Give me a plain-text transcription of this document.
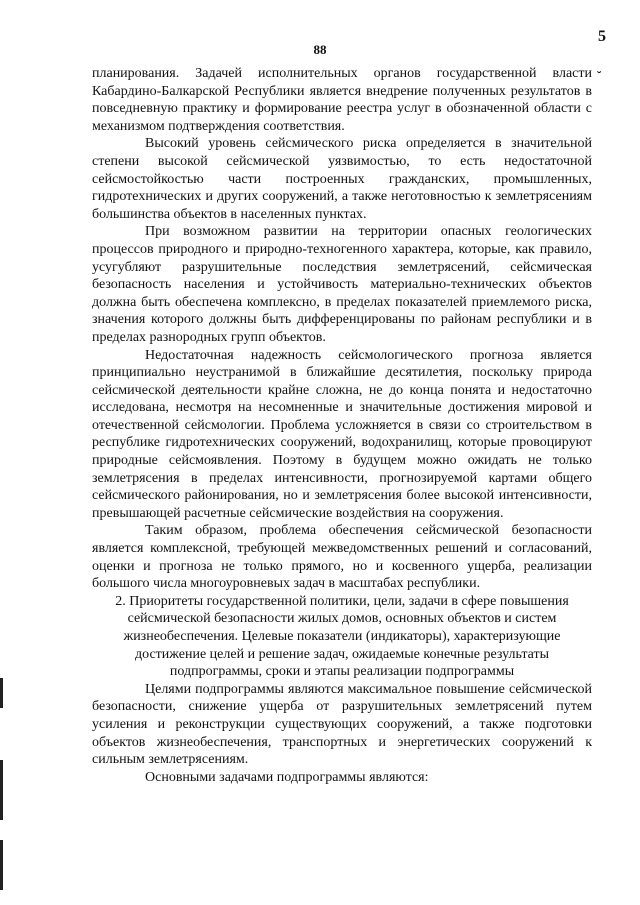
88
5
˘

планирования. Задачей исполнительных органов государственной власти Кабардино-Балкарской Республики является внедрение полученных результатов в повседневную практику и формирование реестра услуг в обозначенной области с механизмом подтверждения соответствия.

Высокий уровень сейсмического риска определяется в значительной степени высокой сейсмической уязвимостью, то есть недостаточной сейсмостойкостью части построенных гражданских, промышленных, гидротехнических и других сооружений, а также неготовностью к землетрясениям большинства объектов в населенных пунктах.

При возможном развитии на территории опасных геологических процессов природного и природно-техногенного характера, которые, как правило, усугубляют разрушительные последствия землетрясений, сейсмическая безопасность населения и устойчивость материально-технических объектов должна быть обеспечена комплексно, в пределах показателей приемлемого риска, значения которого должны быть дифференцированы по районам республики и в пределах разнородных групп объектов.

Недостаточная надежность сейсмологического прогноза является принципиально неустранимой в ближайшие десятилетия, поскольку природа сейсмической деятельности крайне сложна, не до конца понята и недостаточно исследована, несмотря на несомненные и значительные достижения мировой и отечественной сейсмологии. Проблема усложняется в связи со строительством в республике гидротехнических сооружений, водохранилищ, которые провоцируют природные сейсмоявления. Поэтому в будущем можно ожидать не только землетрясения в пределах интенсивности, прогнозируемой картами общего сейсмического районирования, но и землетрясения более высокой интенсивности, превышающей расчетные сейсмические воздействия на сооружения.

Таким образом, проблема обеспечения сейсмической безопасности является комплексной, требующей межведомственных решений и согласований, оценки и прогноза не только прямого, но и косвенного ущерба, реализации большого числа многоуровневых задач в масштабах республики.

2. Приоритеты государственной политики, цели, задачи в сфере повышения сейсмической безопасности жилых домов, основных объектов и систем жизнеобеспечения. Целевые показатели (индикаторы), характеризующие достижение целей и решение задач, ожидаемые конечные результаты подпрограммы, сроки и этапы реализации подпрограммы

Целями подпрограммы являются максимальное повышение сейсмической безопасности, снижение ущерба от разрушительных землетрясений путем усиления и реконструкции существующих сооружений, а также подготовки объектов жизнеобеспечения, транспортных и энергетических сооружений к сильным землетрясениям.

Основными задачами подпрограммы являются:
